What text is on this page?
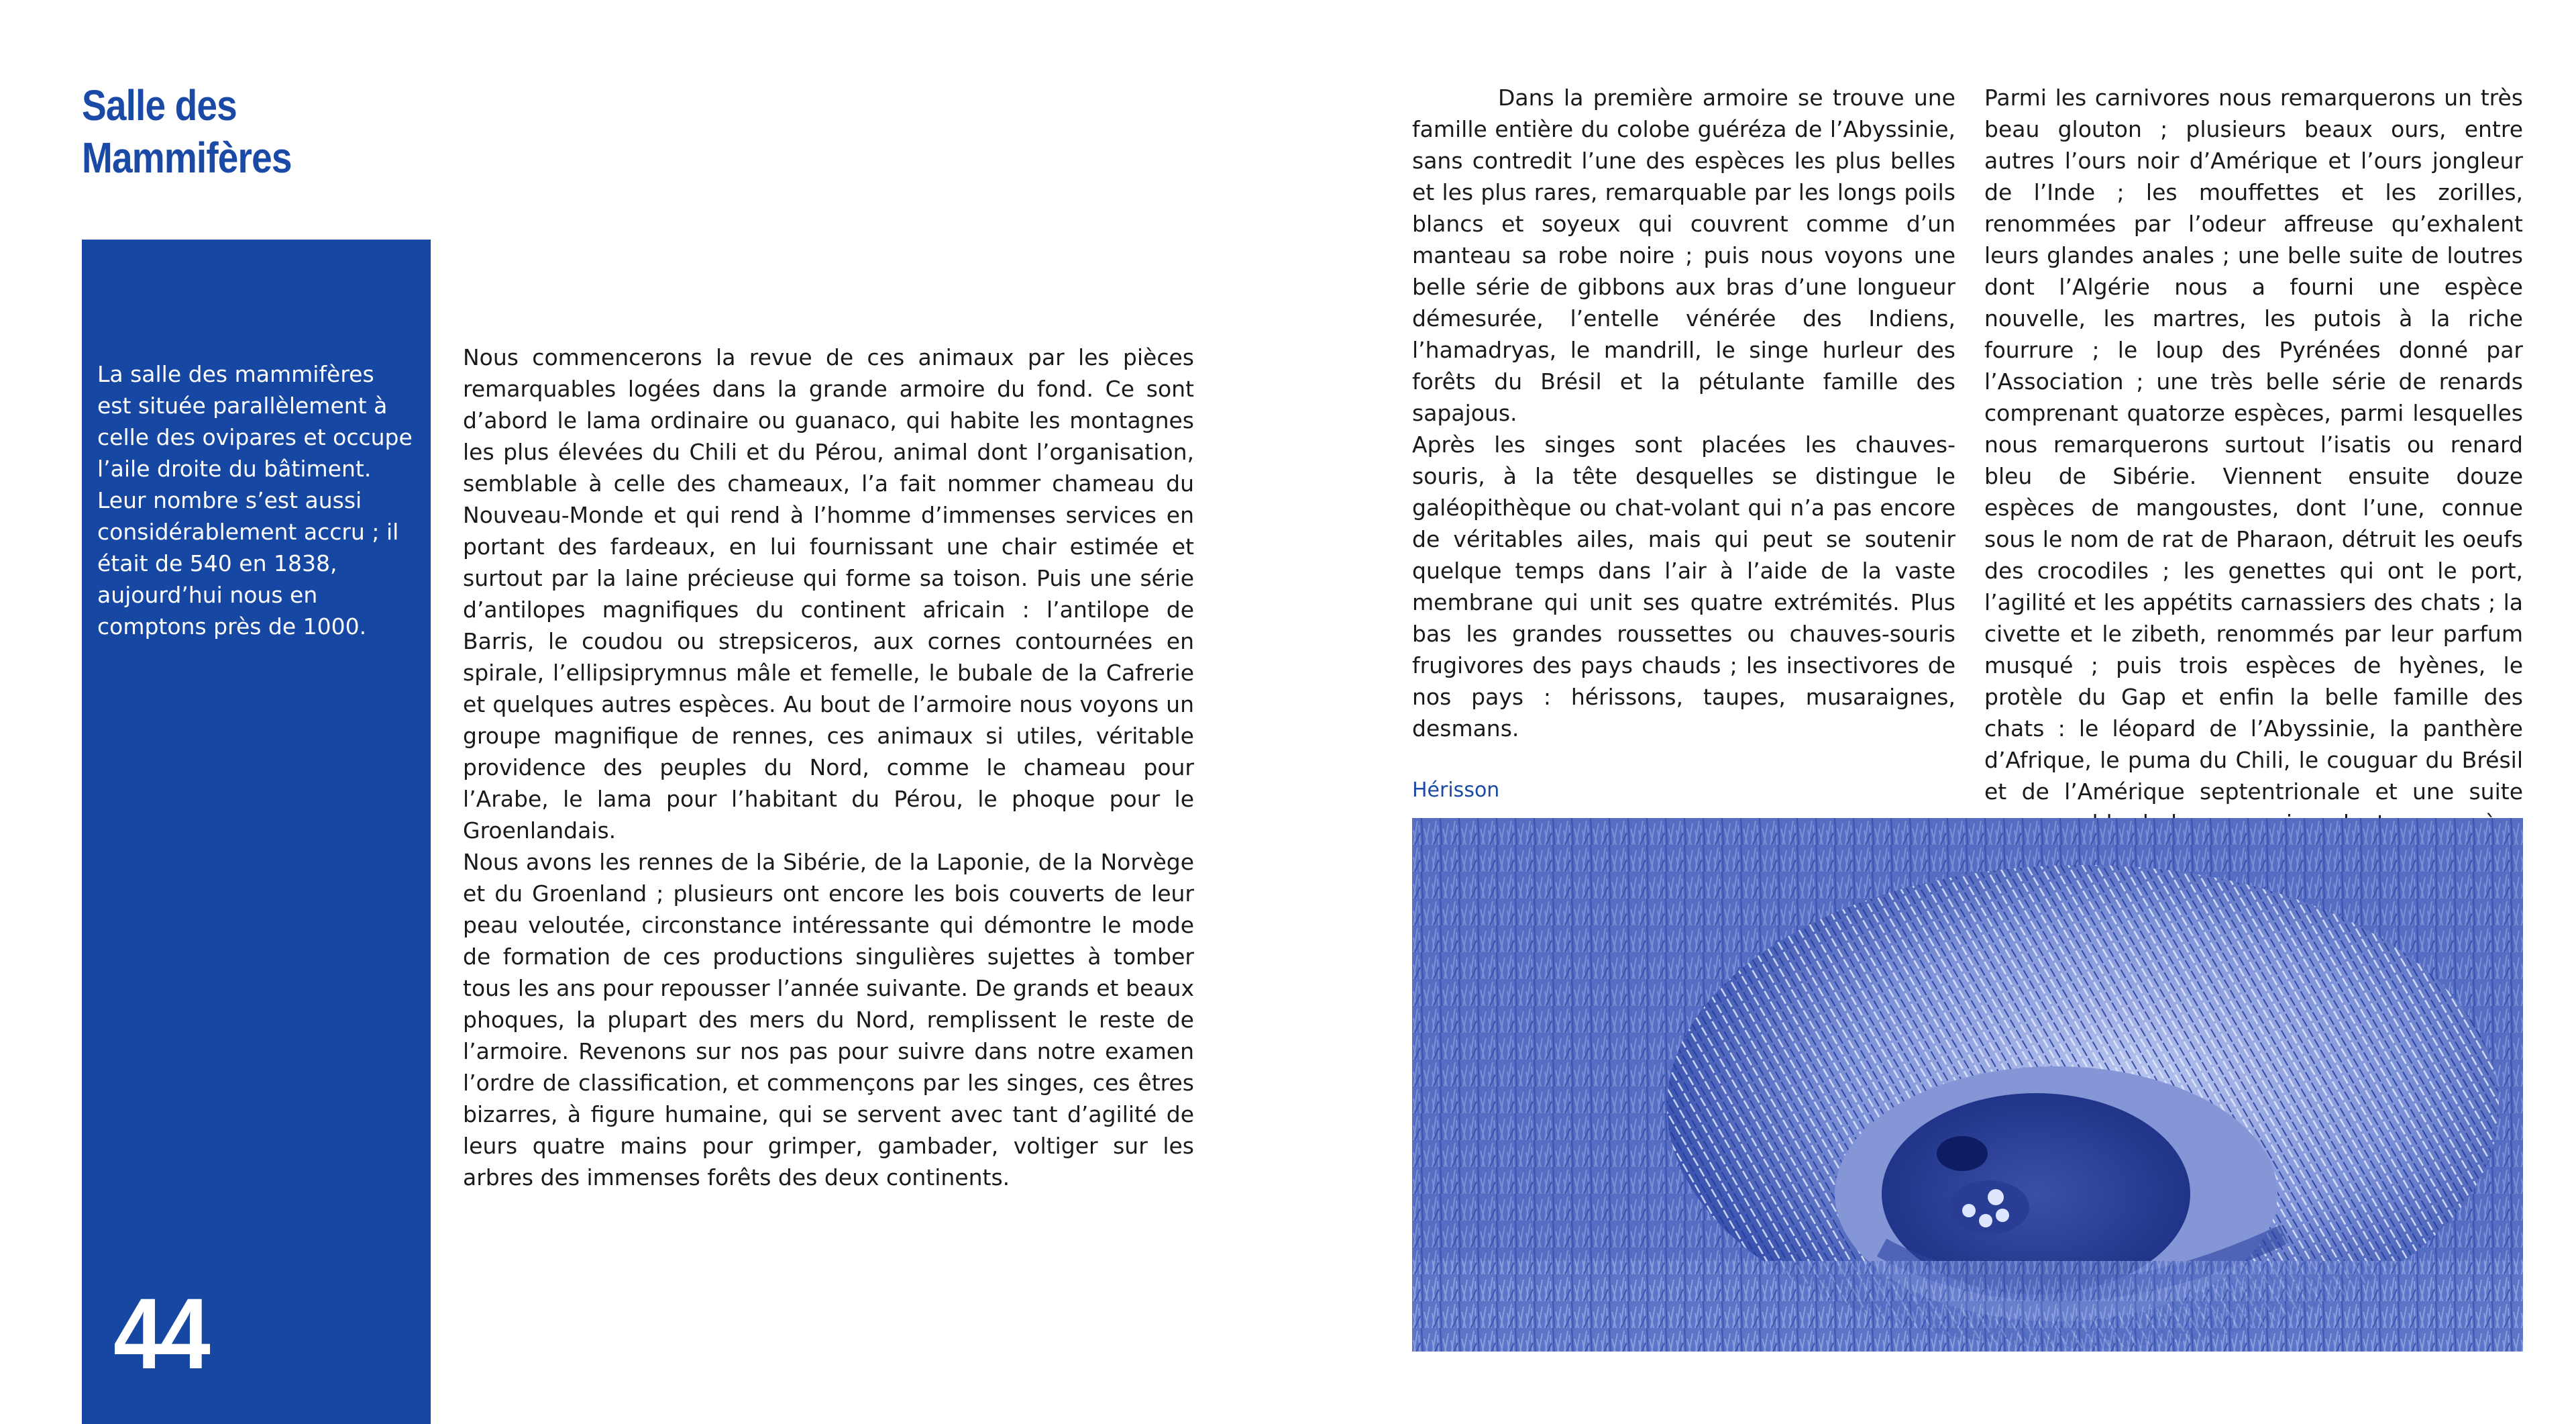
Salle des
Mammifères

La salle des mammifères est située parallèlement à celle des ovipares et occupe l’aile droite du bâtiment. Leur nombre s’est aussi considérablement accru ; il était de 540 en 1838, aujourd’hui nous en comptons près de 1000.

44

Nous commencerons la revue de ces animaux par les pièces remarquables logées dans la grande armoire du fond. Ce sont d’abord le lama ordinaire ou guanaco, qui habite les montagnes les plus élevées du Chili et du Pérou, animal dont l’organisation, semblable à celle des chameaux, l’a fait nommer chameau du Nouveau-Monde et qui rend à l’homme d’immenses services en portant des fardeaux, en lui fournissant une chair estimée et surtout par la laine précieuse qui forme sa toison. Puis une série d’antilopes magnifiques du continent africain : l’antilope de Barris, le coudou ou strepsiceros, aux cornes contournées en spirale, l’ellipsiprymnus mâle et femelle, le bubale de la Cafrerie et quelques autres espèces. Au bout de l’armoire nous voyons un groupe magnifique de rennes, ces animaux si utiles, véritable providence des peuples du Nord, comme le chameau pour l’Arabe, le lama pour l’habitant du Pérou, le phoque pour le Groenlandais.

Nous avons les rennes de la Sibérie, de la Laponie, de la Norvège et du Groenland ; plusieurs ont encore les bois couverts de leur peau veloutée, circonstance intéressante qui démontre le mode de formation de ces productions singulières sujettes à tomber tous les ans pour repousser l’année suivante. De grands et beaux phoques, la plupart des mers du Nord, remplissent le reste de l’armoire. Revenons sur nos pas pour suivre dans notre examen l’ordre de classification, et commençons par les singes, ces êtres bizarres, à figure humaine, qui se servent avec tant d’agilité de leurs quatre mains pour grimper, gambader, voltiger sur les arbres des immenses forêts des deux continents.

Dans la première armoire se trouve une famille entière du colobe guéréza de l’Abyssinie, sans contredit l’une des espèces les plus belles et les plus rares, remarquable par les longs poils blancs et soyeux qui couvrent comme d’un manteau sa robe noire ; puis nous voyons une belle série de gibbons aux bras d’une longueur démesurée, l’entelle vénérée des Indiens, l’hamadryas, le mandrill, le singe hurleur des forêts du Brésil et la pétulante famille des sapajous.

Après les singes sont placées les chauves-souris, à la tête desquelles se distingue le galéopithèque ou chat-volant qui n’a pas encore de véritables ailes, mais qui peut se soutenir quelque temps dans l’air à l’aide de la vaste membrane qui unit ses quatre extrémités. Plus bas les grandes roussettes ou chauves-souris frugivores des pays chauds ; les insectivores de nos pays : hérissons, taupes, musaraignes, desmans.

Parmi les carnivores nous remarquerons un très beau glouton ; plusieurs beaux ours, entre autres l’ours noir d’Amérique et l’ours jongleur de l’Inde ; les mouffettes et les zorilles, renommées par l’odeur affreuse qu’exhalent leurs glandes anales ; une belle suite de loutres dont l’Algérie nous a fourni une espèce nouvelle, les martres, les putois à la riche fourrure ; le loup des Pyrénées donné par l’Association ; une très belle série de renards comprenant quatorze espèces, parmi lesquelles nous remarquerons surtout l’isatis ou renard bleu de Sibérie. Viennent ensuite douze espèces de mangoustes, dont l’une, connue sous le nom de rat de Pharaon, détruit les oeufs des crocodiles ; les genettes qui ont le port, l’agilité et les appétits carnassiers des chats ; la civette et le zibeth, renommés par leur parfum musqué ; puis trois espèces de hyènes, le protèle du Gap et enfin la belle famille des chats : le léopard de l’Abyssinie, la panthère d’Afrique, le puma du Chili, le couguar du Brésil et de l’Amérique septentrionale et une suite

Hérisson
